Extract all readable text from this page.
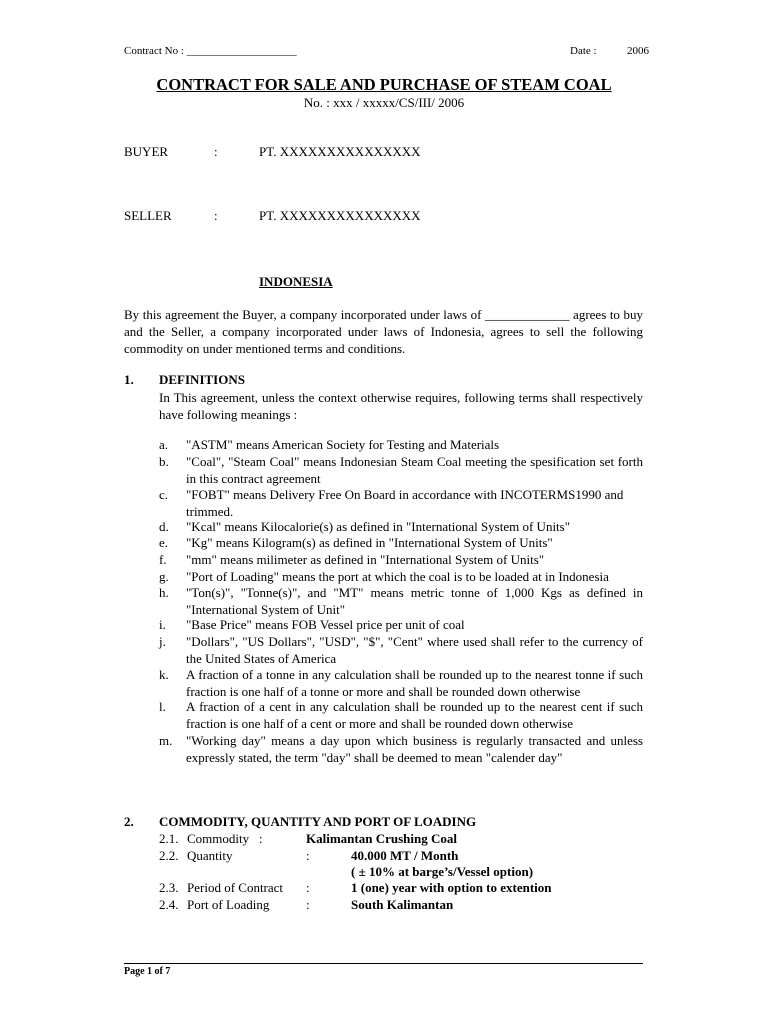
Contract No : ____________________	Date :	2006
CONTRACT FOR SALE AND PURCHASE OF STEAM COAL
No. : xxx / xxxxx/CS/III/ 2006
BUYER	:	PT. XXXXXXXXXXXXXXX
SELLER	:	PT. XXXXXXXXXXXXXXX
INDONESIA
By this agreement the Buyer, a company incorporated under laws of _____________ agrees to buy and the Seller, a company incorporated under laws of Indonesia, agrees to sell the following commodity on under mentioned terms and conditions.
1. DEFINITIONS
In This agreement, unless the context otherwise requires, following terms shall respectively have following meanings :
a. "ASTM" means American Society for Testing and Materials
b. "Coal", "Steam Coal" means Indonesian Steam Coal meeting the spesification set forth in this contract agreement
c. "FOBT" means Delivery Free On Board in accordance with INCOTERMS1990 and trimmed.
d. "Kcal" means Kilocalorie(s) as defined in "International System of Units"
e. "Kg" means Kilogram(s) as defined in "International System of Units"
f. "mm" means milimeter as defined in "International System of Units"
g. "Port of Loading" means the port at which the coal is to be loaded at in Indonesia
h. "Ton(s)", "Tonne(s)", and "MT" means metric tonne of 1,000 Kgs as defined in "International System of Unit"
i. "Base Price" means FOB Vessel price per unit of coal
j. "Dollars", "US Dollars", "USD", "$", "Cent" where used shall refer to the currency of the United States of America
k. A fraction of a tonne in any calculation shall be rounded up to the nearest tonne if such fraction is one half of a tonne or more and shall be rounded down otherwise
l. A fraction of a cent in any calculation shall be rounded up to the nearest cent if such fraction is one half of a cent or more and shall be rounded down otherwise
m. "Working day" means a day upon which business is regularly transacted and unless expressly stated, the term "day" shall be deemed to mean "calender day"
2. COMMODITY, QUANTITY AND PORT OF LOADING
2.1. Commodity :	Kalimantan Crushing Coal
2.2. Quantity	:	40.000 MT / Month
( ± 10% at barge’s/Vessel option)
2.3. Period of Contract :	1 (one) year with option to extention
2.4. Port of Loading	:	South Kalimantan
Page 1 of 7
